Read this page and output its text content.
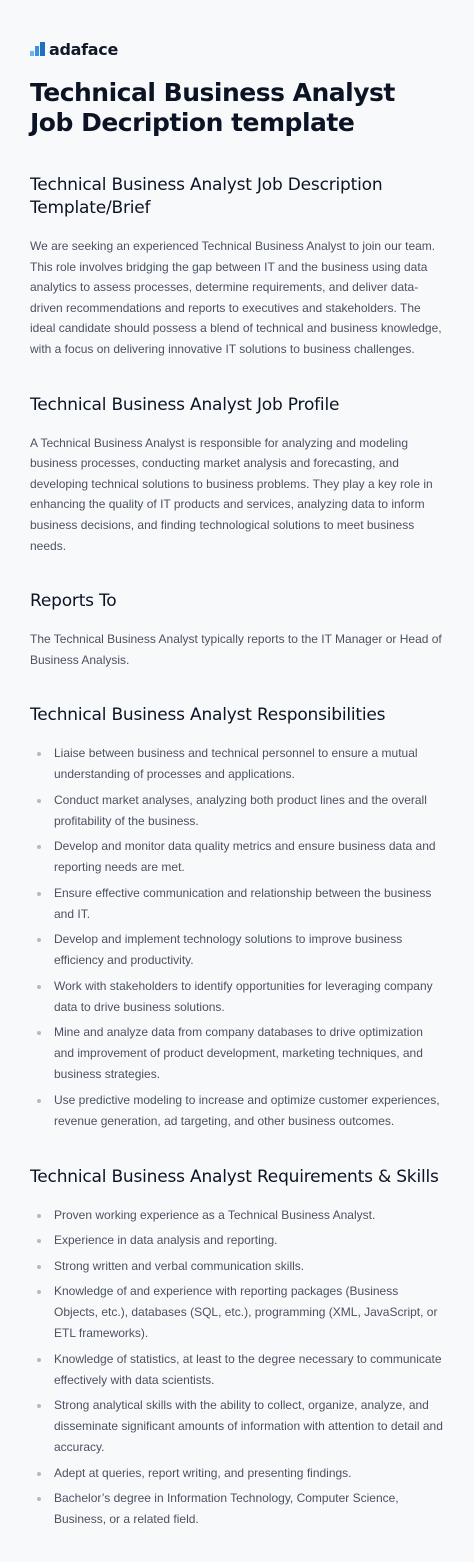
adaface
Technical Business Analyst Job Decription template
Technical Business Analyst Job Description Template/Brief

We are seeking an experienced Technical Business Analyst to join our team. This role involves bridging the gap between IT and the business using data analytics to assess processes, determine requirements, and deliver data-driven recommendations and reports to executives and stakeholders. The ideal candidate should possess a blend of technical and business knowledge, with a focus on delivering innovative IT solutions to business challenges.

Technical Business Analyst Job Profile

A Technical Business Analyst is responsible for analyzing and modeling business processes, conducting market analysis and forecasting, and developing technical solutions to business problems. They play a key role in enhancing the quality of IT products and services, analyzing data to inform business decisions, and finding technological solutions to meet business needs.

Reports To

The Technical Business Analyst typically reports to the IT Manager or Head of Business Analysis.

Technical Business Analyst Responsibilities
Liaise between business and technical personnel to ensure a mutual understanding of processes and applications.
Conduct market analyses, analyzing both product lines and the overall profitability of the business.
Develop and monitor data quality metrics and ensure business data and reporting needs are met.
Ensure effective communication and relationship between the business and IT.
Develop and implement technology solutions to improve business efficiency and productivity.
Work with stakeholders to identify opportunities for leveraging company data to drive business solutions.
Mine and analyze data from company databases to drive optimization and improvement of product development, marketing techniques, and business strategies.
Use predictive modeling to increase and optimize customer experiences, revenue generation, ad targeting, and other business outcomes.
Technical Business Analyst Requirements & Skills
Proven working experience as a Technical Business Analyst.
Experience in data analysis and reporting.
Strong written and verbal communication skills.
Knowledge of and experience with reporting packages (Business Objects, etc.), databases (SQL, etc.), programming (XML, JavaScript, or ETL frameworks).
Knowledge of statistics, at least to the degree necessary to communicate effectively with data scientists.
Strong analytical skills with the ability to collect, organize, analyze, and disseminate significant amounts of information with attention to detail and accuracy.
Adept at queries, report writing, and presenting findings.
Bachelor’s degree in Information Technology, Computer Science, Business, or a related field.
